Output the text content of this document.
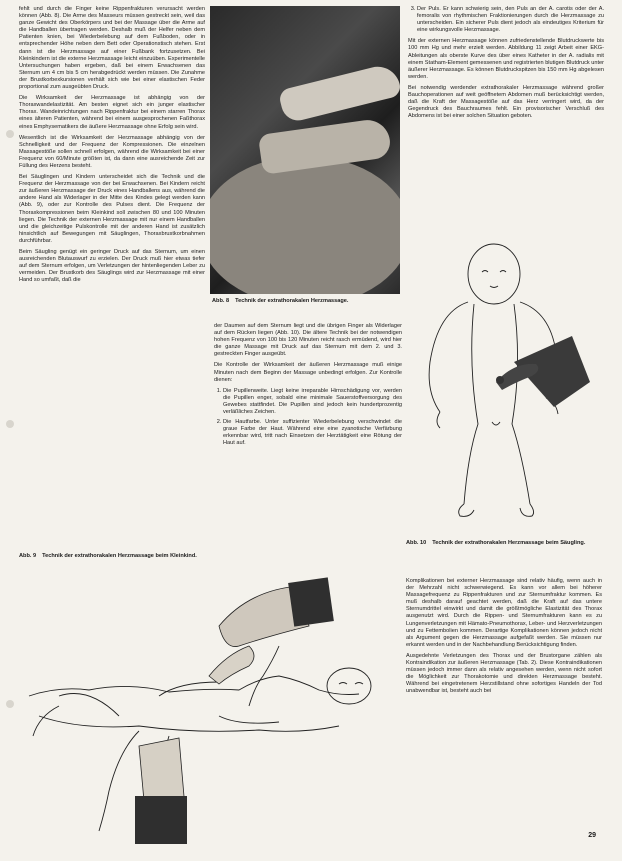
fehlt und durch die Finger keine Rippenfrakturen verursacht werden können (Abb. 8). Die Arme des Masseurs müssen gestreckt sein, weil das ganze Gewicht des Oberkörpers und bei der Massage über die Arme auf die Handballen übertragen werden. Deshalb muß der Helfer neben dem Patienten knien, bei Wiederbelebung auf dem Fußboden, oder in entsprechender Höhe neben dem Bett oder Operationstisch stehen. Erst dann ist die Herzmassage auf einer Fußbank fortzusetzen. Bei Kleinkindern ist die externe Herzmassage leicht einzuüben. Experimentelle Untersuchungen haben ergeben, daß bei einem Erwachsenen das Sternum um 4 cm bis 5 cm herabgedrückt werden müssen. Die Zunahme der Brustkorbexkursionen verhält sich wie bei einer elastischen Feder proportional zum ausgeübten Druck.

Die Wirksamkeit der Herzmassage ist abhängig von der Thoraxwandelastizität. Am besten eignet sich ein junger elastischer Thorax. Wandeinrichtungen nach Rippenfraktur bei einem starren Thorax eines älteren Patienten, während bei einem ausgesprochenen Faßthorax eines Emphysematikers die äußere Herzmassage ohne Erfolg sein wird.

Wesentlich ist die Wirksamkeit der Herzmassage abhängig von der Schnelligkeit und der Frequenz der Kompressionen. Die einzelnen Massagestöße sollen schnell erfolgen, während die Wirksamkeit bei einer Frequenz von 60/Minute größten ist, da dann eine ausreichende Zeit zur Füllung des Herzens besteht.

Bei Säuglingen und Kindern unterscheidet sich die Technik und die Frequenz der Herzmassage von der bei Erwachsenen. Bei Kindern reicht zur äußeren Herzmassage der Druck eines Handballens aus, während die andere Hand als Widerlager in der Mitte des Kindes gelegt werden kann (Abb. 9), oder zur Kontrolle des Pulses dient. Die Frequenz der Thoraxkompressionen beim Kleinkind soll zwischen 80 und 100 Minuten liegen. Die Technik der externen Herzmassage mit nur einem Handballen und die gleichzeitige Pulskontrolle mit der anderen Hand ist zusätzlich hinsichtlich auf Bewegungen mit Säuglingen, Thoraxbrustkorbnahmen durchführbar.

Beim Säugling genügt ein geringer Druck auf das Sternum, um einen ausreichenden Blutauswurf zu erzielen. Der Druck muß hier etwas tiefer auf dem Sternum erfolgen, um Verletzungen der hintenliegenden Leber zu vermeiden. Der Brustkorb des Säuglings wird zur Herzmassage mit einer Hand so umfaßt, daß die

Abb. 8 Technik der extrathorakalen Herzmassage.

der Daumen auf dem Sternum liegt und die übrigen Finger als Widerlager auf dem Rücken liegen (Abb. 10). Die ältere Technik bei der notwendigen hohen Frequenz von 100 bis 120 Minuten reicht rasch ermüdend, wird hier die ganze Massage mit Druck auf das Sternum mit dem 2. und 3. gestreckten Finger ausgeübt.

Die Kontrolle der Wirksamkeit der äußeren Herzmassage muß einige Minuten nach dem Beginn der Massage unbedingt erfolgen. Zur Kontrolle dienen:

1. Die Pupillenweite. Liegt keine irreparable Hirnschädigung vor, werden die Pupillen enger, sobald eine minimale Sauerstoffversorgung des Gewebes stattfindet. Die Pupillen sind jedoch kein hundertprozentig verläßliches Zeichen.
2. Die Hautfarbe. Unter suffizienter Wiederbelebung verschwindet die graue Farbe der Haut. Während eine eine zyanotische Verfärbung erkennbar wird, tritt nach Einsetzen der Herztätigkeit eine Rötung der Haut auf.
3. Der Puls. Er kann schwierig sein, den Puls an der A. carotis oder der A. femoralis von rhythmischen Fraktionierungen durch die Herzmassage zu unterscheiden. Ein sicherer Puls dient jedoch als eindeutiges Kriterium für eine wirkungsvolle Herzmassage.

Mit der externen Herzmassage können zufriedenstellende Blutdruckwerte bis 100 mm Hg und mehr erzielt werden. Abbildung 11 zeigt Arbeit einer EKG-Ableitungen als oberste Kurve des über eines Katheter in der A. radialis mit einem Statham-Element gemessenen und registrierten blutigen Blutdruck unter äußerer Herzmassage. Es können Blutdruckspitzen bis 150 mm Hg abgelesen werden.

Bei notwendig werdender extrathorakaler Herzmassage während großer Bauchoperationen auf weit geöffnetem Abdomen muß berücksichtigt werden, daß die Kraft der Massagestöße auf das Herz verringert wird, da der Gegendruck des Bauchraumes fehlt. Ein provisorischer Verschluß des Abdomens ist bei einer solchen Situation geboten.

Abb. 10 Technik der extrathorakalen Herzmassage beim Säugling.
Abb. 9 Technik der extrathorakalen Herzmassage beim Kleinkind.

Komplikationen bei externer Herzmassage sind relativ häufig, wenn auch in der Mehrzahl nicht schwerwiegend. Es kann vor allem bei höherer Massagefrequenz zu Rippenfrakturen und zur Sternumfraktur kommen. Es muß deshalb darauf geachtet werden, daß die Kraft auf das untere Sternumdrittel einwirkt und damit die größtmögliche Elastizität des Thorax ausgenutzt wird. Durch die Rippen- und Sternumfrakturen kann es zu Lungenverletzungen mit Hämato-Pneumothorax, Leber- und Herzverletzungen und zu Fettembolien kommen. Derartige Komplikationen können jedoch nicht als Argument gegen die Herzmassage aufgefaßt werden. Sie müssen nur erkannt werden und in der Nachbehandlung Berücksichtigung finden.

Ausgedehnte Verletzungen des Thorax und der Brustorgane zählen als Kontraindikation zur äußeren Herzmassage (Tab. 2). Diese Kontraindikationen müssen jedoch immer dann als relativ angesehen werden, wenn nicht sofort die Möglichkeit zur Thorakotomie und direkten Herzmassage besteht. Während bei eingetretenem Herzstillstand ohne sofortiges Handeln der Tod unabwendbar ist, besteht auch bei

29
